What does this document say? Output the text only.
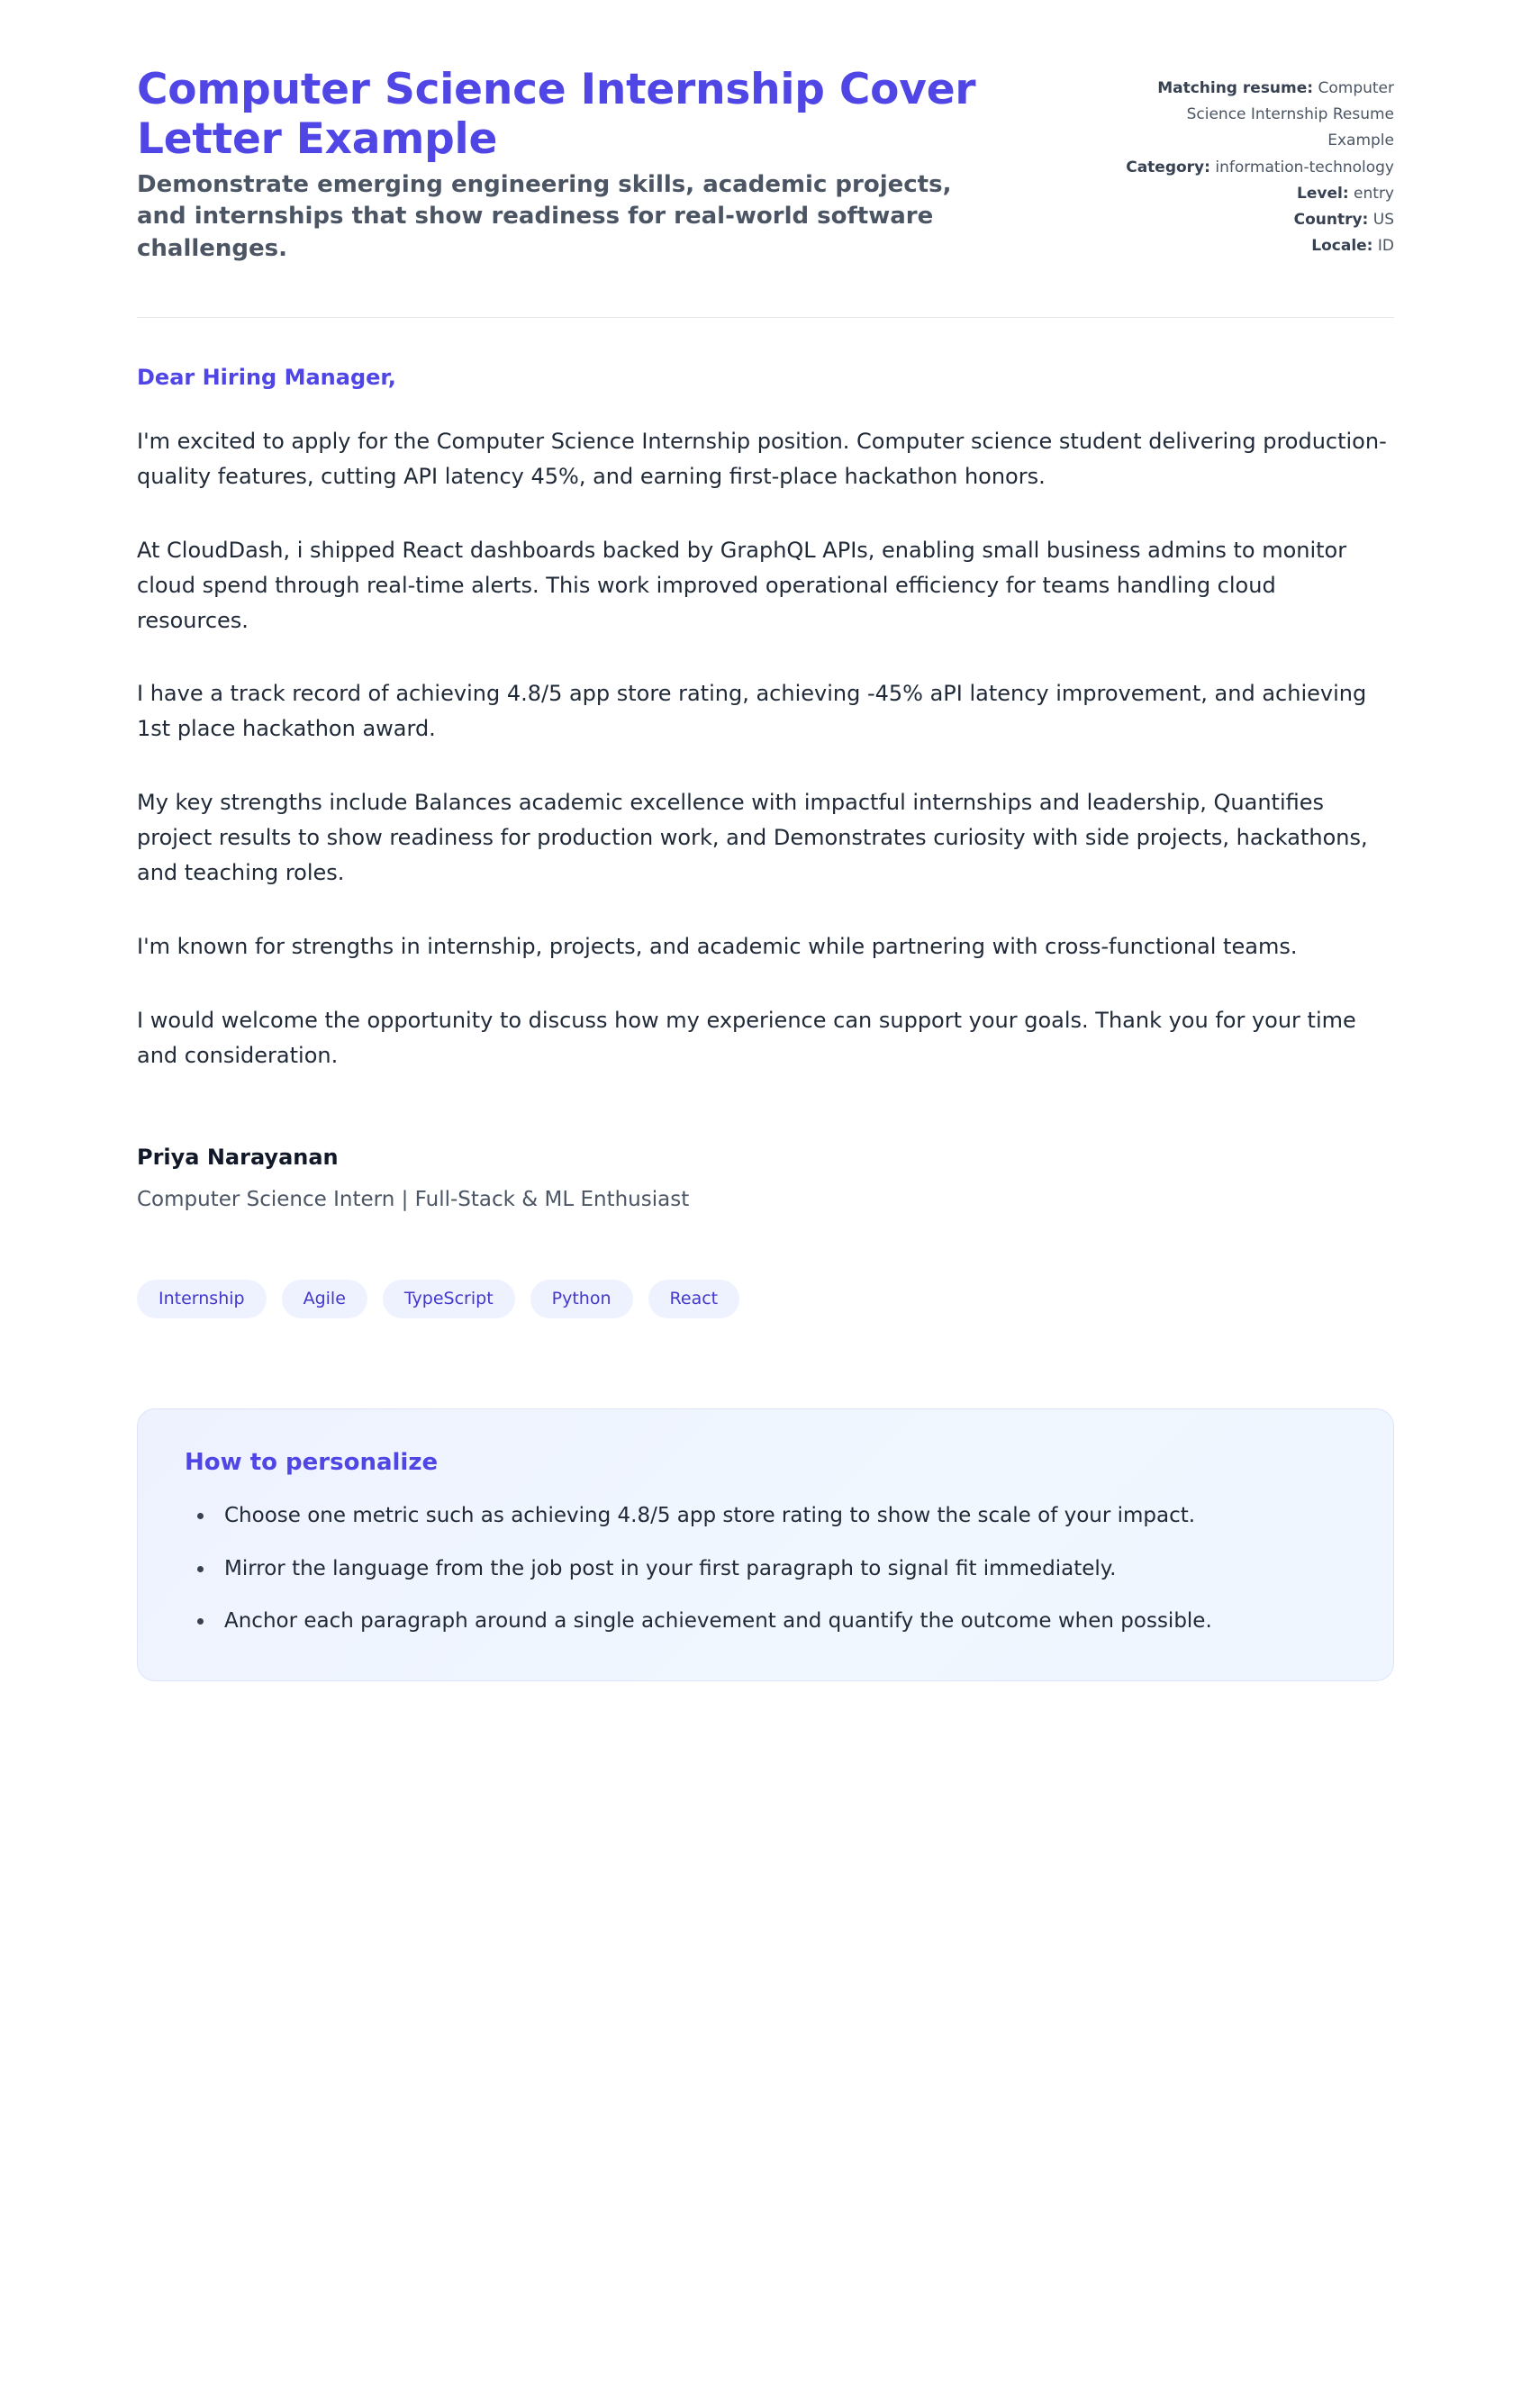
Computer Science Internship Cover Letter Example

Demonstrate emerging engineering skills, academic projects, and internships that show readiness for real-world software challenges.

Matching resume: Computer Science Internship Resume Example
Category: information-technology
Level: entry
Country: US
Locale: ID

Dear Hiring Manager,

I'm excited to apply for the Computer Science Internship position. Computer science student delivering production-quality features, cutting API latency 45%, and earning first-place hackathon honors.

At CloudDash, i shipped React dashboards backed by GraphQL APIs, enabling small business admins to monitor cloud spend through real-time alerts. This work improved operational efficiency for teams handling cloud resources.

I have a track record of achieving 4.8/5 app store rating, achieving -45% aPI latency improvement, and achieving 1st place hackathon award.

My key strengths include Balances academic excellence with impactful internships and leadership, Quantifies project results to show readiness for production work, and Demonstrates curiosity with side projects, hackathons, and teaching roles.

I'm known for strengths in internship, projects, and academic while partnering with cross-functional teams.

I would welcome the opportunity to discuss how my experience can support your goals. Thank you for your time and consideration.

Priya Narayanan

Computer Science Intern | Full-Stack & ML Enthusiast

Internship	Agile	TypeScript	Python	React
How to personalize
• Choose one metric such as achieving 4.8/5 app store rating to show the scale of your impact.
• Mirror the language from the job post in your first paragraph to signal fit immediately.
• Anchor each paragraph around a single achievement and quantify the outcome when possible.
